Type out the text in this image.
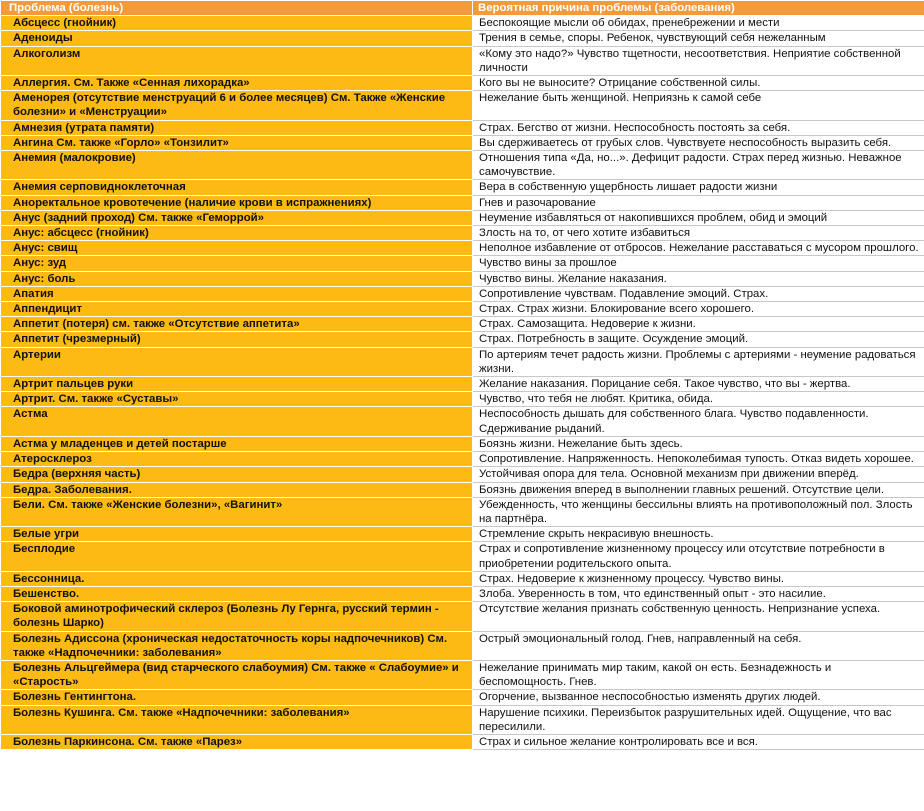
Проблема (болезнь)	Вероятная причина проблемы (заболевания)
Абсцесс (гнойник)	Беспокоящие мысли об обидах, пренебрежении и мести
Аденоиды	Трения в семье, споры. Ребенок, чувствующий себя нежеланным
Алкоголизм	«Кому это надо?» Чувство тщетности, несоответствия. Неприятие собственной личности
Аллергия. См. Также «Сенная лихорадка»	Кого вы не выносите? Отрицание собственной силы.
Аменорея (отсутствие менструаций 6 и более месяцев) См. Также «Женские болезни» и «Менструации»	Нежелание быть женщиной. Неприязнь к самой себе
Амнезия (утрата памяти)	Страх. Бегство от жизни. Неспособность постоять за себя.
Ангина См. также «Горло» «Тонзилит»	Вы сдерживаетесь от грубых слов. Чувствуете неспособность выразить себя.
Анемия (малокровие)	Отношения типа «Да, но...». Дефицит радости. Страх перед жизнью. Неважное самочувствие.
Анемия серповидноклеточная	Вера в собственную ущербность лишает радости жизни
Аноректальное кровотечение (наличие крови в испражнениях)	Гнев и разочарование
Анус (задний проход) См. также «Геморрой»	Неумение избавляться от накопившихся проблем, обид и эмоций
Анус: абсцесс (гнойник)	Злость на то, от чего хотите избавиться
Анус: свищ	Неполное избавление от отбросов. Нежелание расставаться с мусором прошлого.
Анус: зуд	Чувство вины за прошлое
Анус: боль	Чувство вины. Желание наказания.
Апатия	Сопротивление чувствам. Подавление эмоций. Страх.
Аппендицит	Страх. Страх жизни. Блокирование всего хорошего.
Аппетит (потеря) см. также «Отсутствие аппетита»	Страх. Самозащита. Недоверие к жизни.
Аппетит (чрезмерный)	Страх. Потребность в защите. Осуждение эмоций.
Артерии	По артериям течет радость жизни. Проблемы с артериями - неумение радоваться жизни.
Артрит пальцев руки	Желание наказания. Порицание себя. Такое чувство, что вы - жертва.
Артрит. См. также «Суставы»	Чувство, что тебя не любят. Критика, обида.
Астма	Неспособность дышать для собственного блага. Чувство подавленности. Сдерживание рыданий.
Астма у младенцев и детей постарше	Боязнь жизни. Нежелание быть здесь.
Атеросклероз	Сопротивление. Напряженность. Непоколебимая тупость. Отказ видеть хорошее.
Бедра (верхняя часть)	Устойчивая опора для тела. Основной механизм при движении вперёд.
Бедра. Заболевания.	Боязнь движения вперед в выполнении главных решений. Отсутствие цели.
Бели. См. также «Женские болезни», «Вагинит»	Убежденность, что женщины бессильны влиять на противоположный пол. Злость на партнёра.
Белые угри	Стремление скрыть некрасивую внешность.
Бесплодие	Страх и сопротивление жизненному процессу или отсутствие потребности в приобретении родительского опыта.
Бессонница.	Страх. Недоверие к жизненному процессу. Чувство вины.
Бешенство.	Злоба. Уверенность в том, что единственный опыт - это насилие.
Боковой аминотрофический склероз (Болезнь Лу Гернга, русский термин - болезнь Шарко)	Отсутствие желания признать собственную ценность. Непризнание успеха.
Болезнь Адиссона (хроническая недостаточность коры надпочечников) См. также «Надпочечники: заболевания»	Острый эмоциональный голод. Гнев, направленный на себя.
Болезнь Альцгеймера (вид старческого слабоумия) См. также « Слабоумие» и «Старость»	Нежелание принимать мир таким, какой он есть. Безнадежность и беспомощность. Гнев.
Болезнь Гентингтона.	Огорчение, вызванное неспособностью изменять других людей.
Болезнь Кушинга. См. также «Надпочечники: заболевания»	Нарушение психики. Переизбыток разрушительных идей. Ощущение, что вас пересилили.
Болезнь Паркинсона. См. также «Парез»	Страх и сильное желание контролировать все и вся.
